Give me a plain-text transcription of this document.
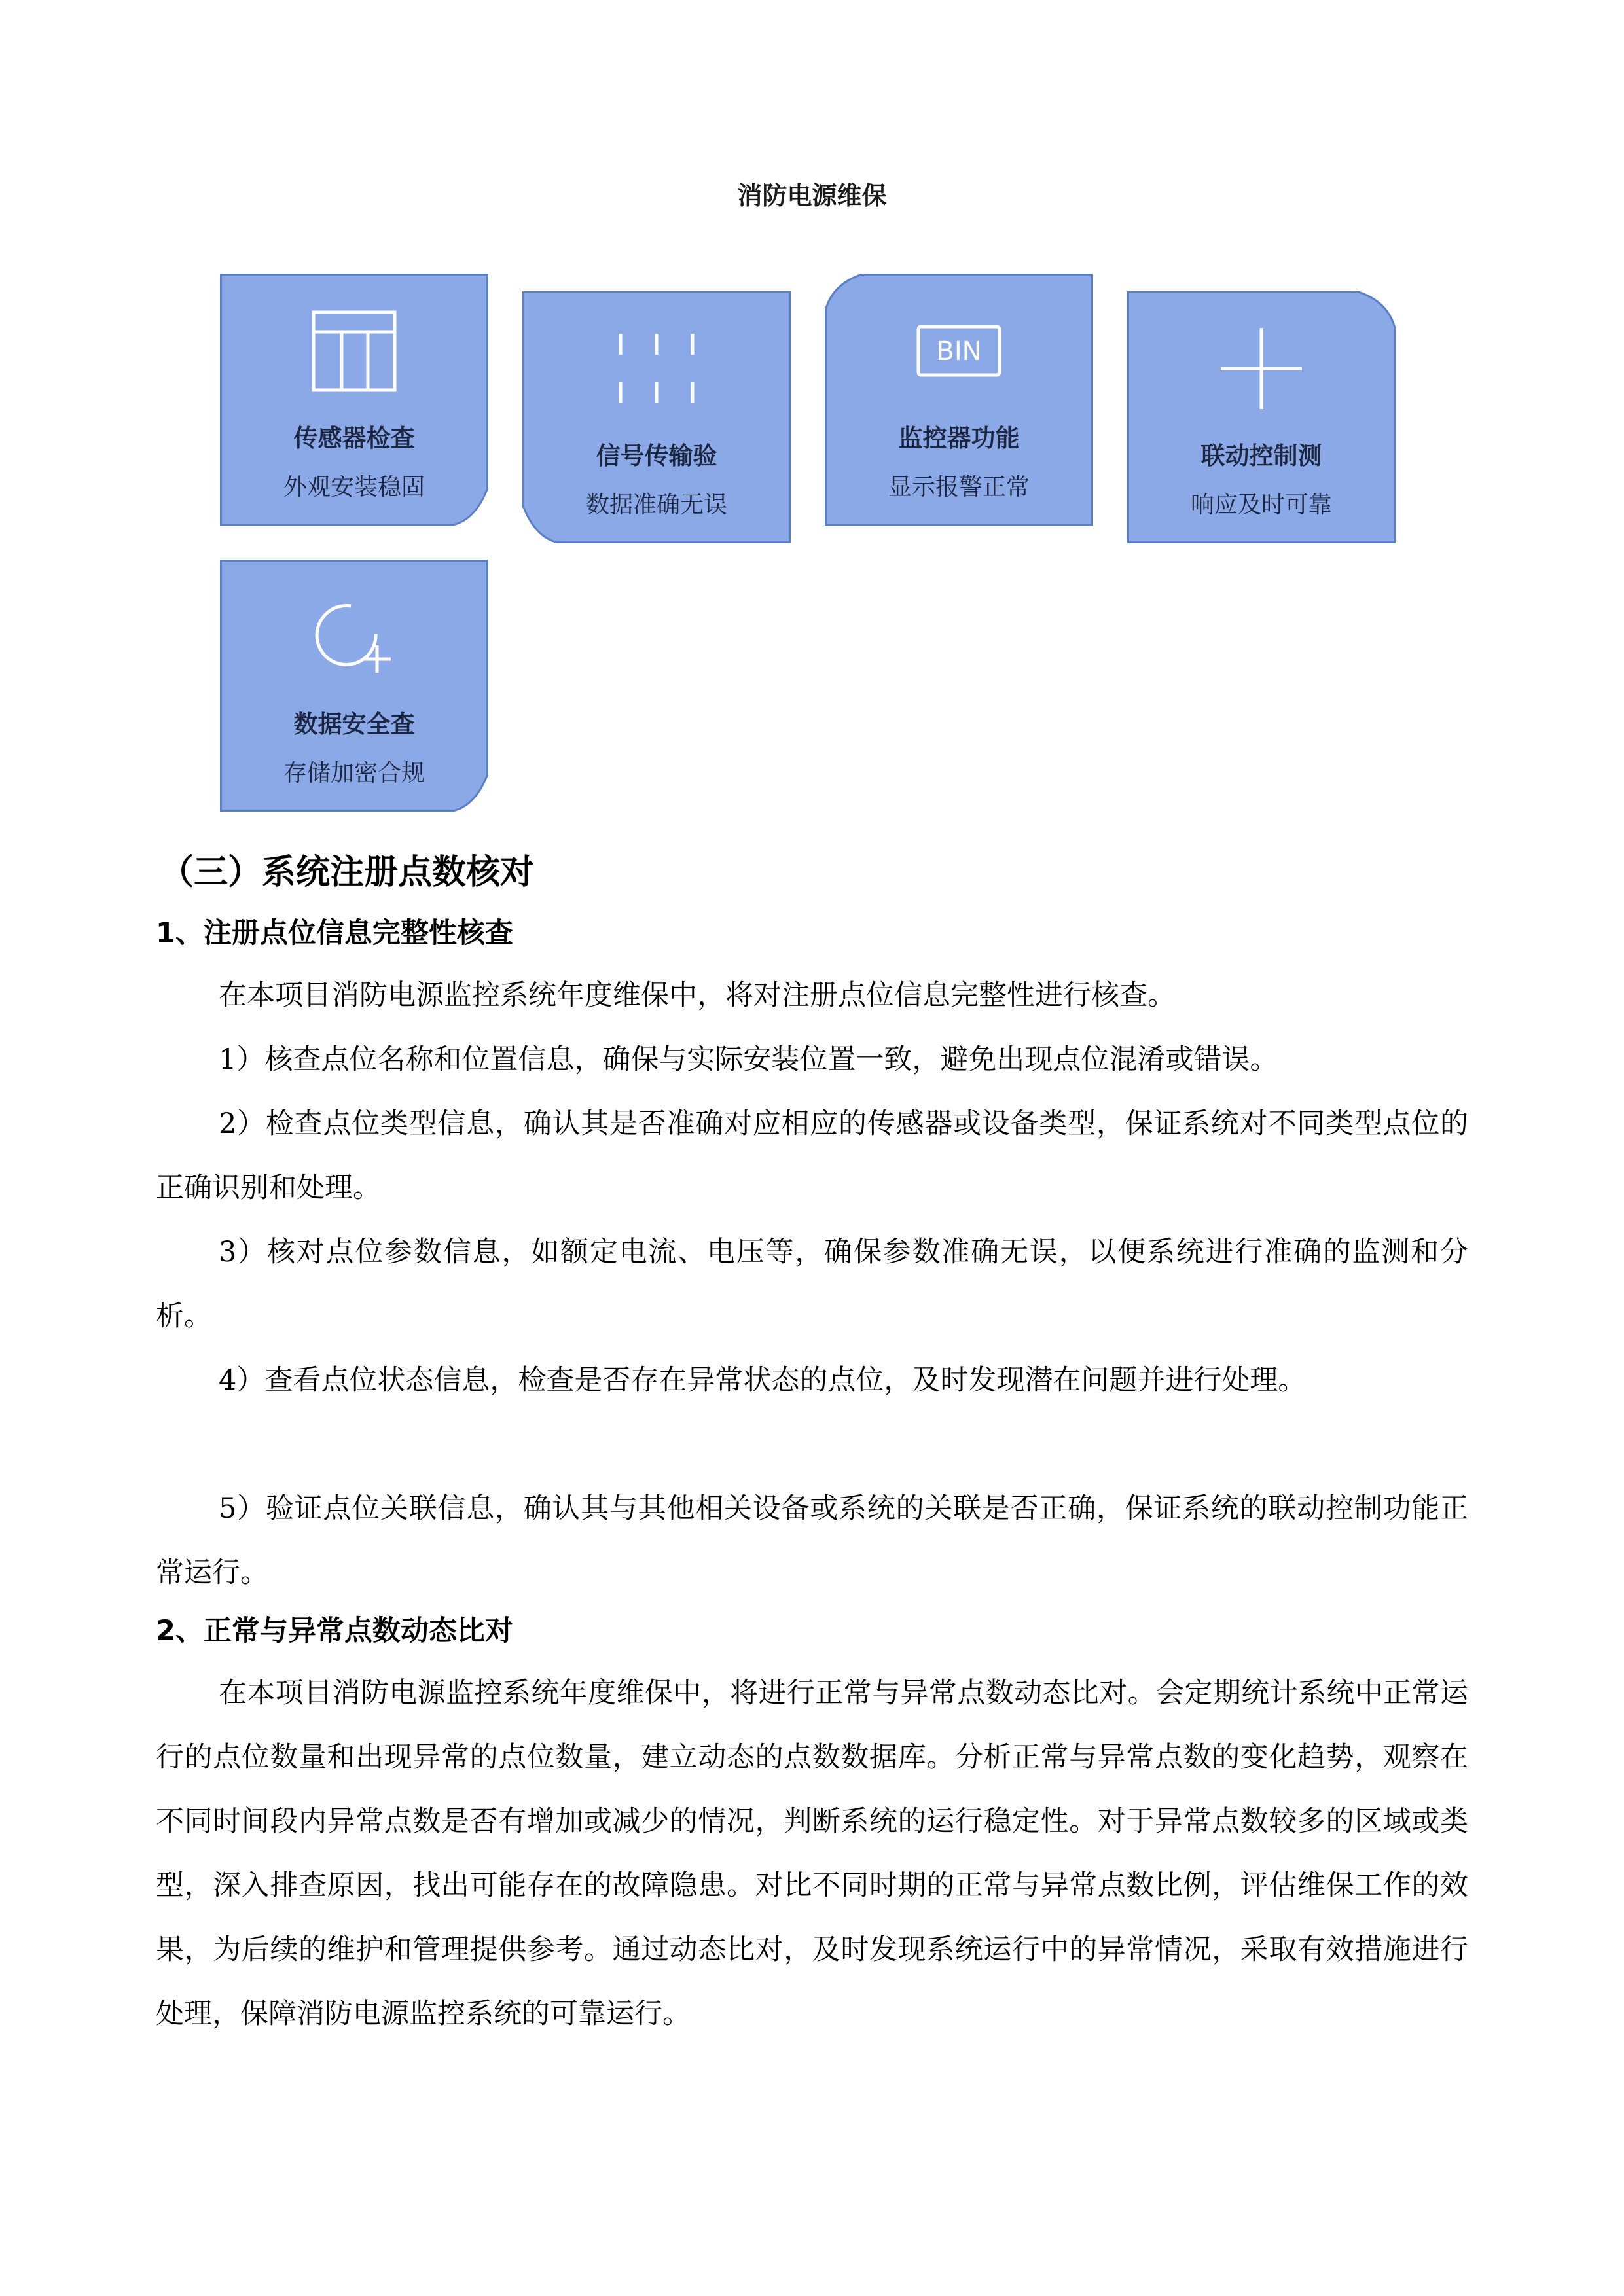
消防电源维保
传感器检查
外观安装稳固
信号传输验
数据准确无误
BIN
监控器功能
显示报警正常
联动控制测
响应及时可靠
数据安全查
存储加密合规
（三）系统注册点数核对
1、注册点位信息完整性核查

在本项目消防电源监控系统年度维保中，将对注册点位信息完整性进行核查。

1）核查点位名称和位置信息，确保与实际安装位置一致，避免出现点位混淆或错误。

2）检查点位类型信息，确认其是否准确对应相应的传感器或设备类型，保证系统对不同类型点位的正确识别和处理。

3）核对点位参数信息，如额定电流、电压等，确保参数准确无误，以便系统进行准确的监测和分析。

4）查看点位状态信息，检查是否存在异常状态的点位，及时发现潜在问题并进行处理。

5）验证点位关联信息，确认其与其他相关设备或系统的关联是否正确，保证系统的联动控制功能正常运行。

2、正常与异常点数动态比对

在本项目消防电源监控系统年度维保中，将进行正常与异常点数动态比对。会定期统计系统中正常运行的点位数量和出现异常的点位数量，建立动态的点数数据库。分析正常与异常点数的变化趋势，观察在不同时间段内异常点数是否有增加或减少的情况，判断系统的运行稳定性。对于异常点数较多的区域或类型，深入排查原因，找出可能存在的故障隐患。对比不同时期的正常与异常点数比例，评估维保工作的效果，为后续的维护和管理提供参考。通过动态比对，及时发现系统运行中的异常情况，采取有效措施进行处理，保障消防电源监控系统的可靠运行。
